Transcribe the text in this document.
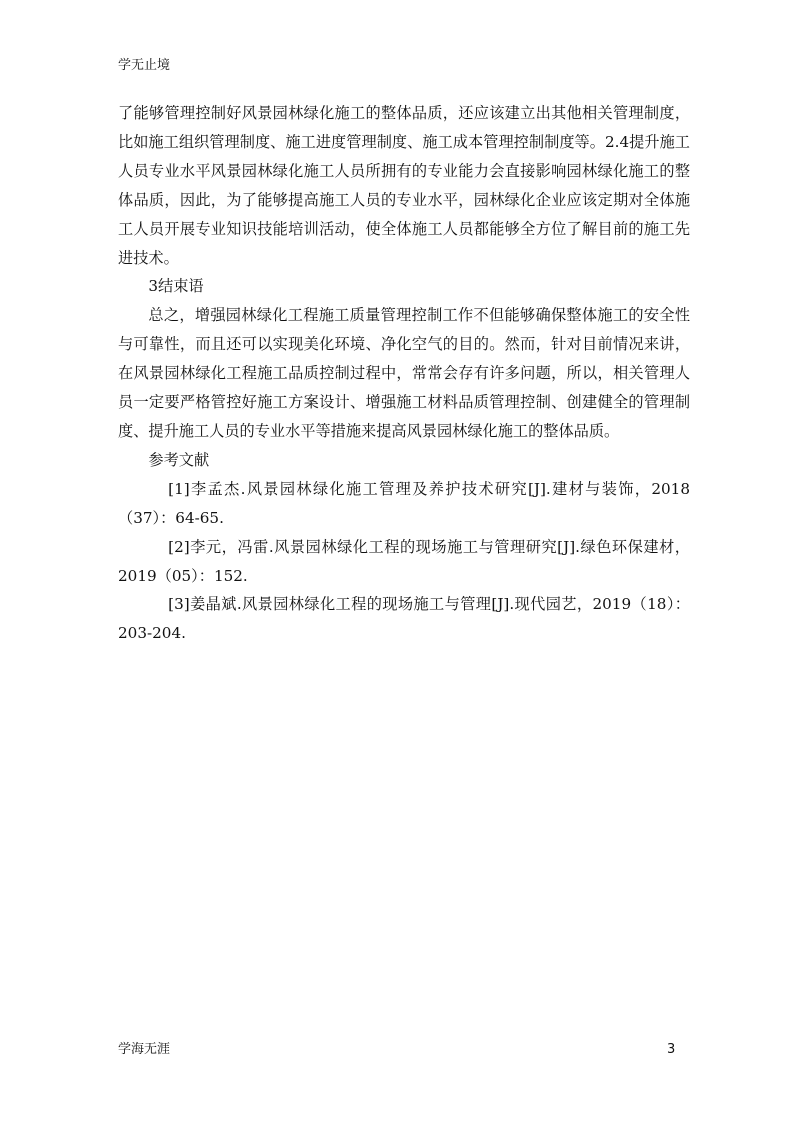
学无止境

了能够管理控制好风景园林绿化施工的整体品质，还应该建立出其他相关管理制度，比如施工组织管理制度、施工进度管理制度、施工成本管理控制制度等。2.4提升施工人员专业水平风景园林绿化施工人员所拥有的专业能力会直接影响园林绿化施工的整体品质，因此，为了能够提高施工人员的专业水平，园林绿化企业应该定期对全体施工人员开展专业知识技能培训活动，使全体施工人员都能够全方位了解目前的施工先进技术。

3结束语

总之，增强园林绿化工程施工质量管理控制工作不但能够确保整体施工的安全性与可靠性，而且还可以实现美化环境、净化空气的目的。然而，针对目前情况来讲，在风景园林绿化工程施工品质控制过程中，常常会存有许多问题，所以，相关管理人员一定要严格管控好施工方案设计、增强施工材料品质管理控制、创建健全的管理制度、提升施工人员的专业水平等措施来提高风景园林绿化施工的整体品质。

参考文献

[1]李孟杰.风景园林绿化施工管理及养护技术研究[J].建材与装饰，2018（37）：64-65.

[2]李元，冯雷.风景园林绿化工程的现场施工与管理研究[J].绿色环保建材，2019（05）：152.

[3]姜晶斌.风景园林绿化工程的现场施工与管理[J].现代园艺，2019（18）：203-204.

学海无涯	3
